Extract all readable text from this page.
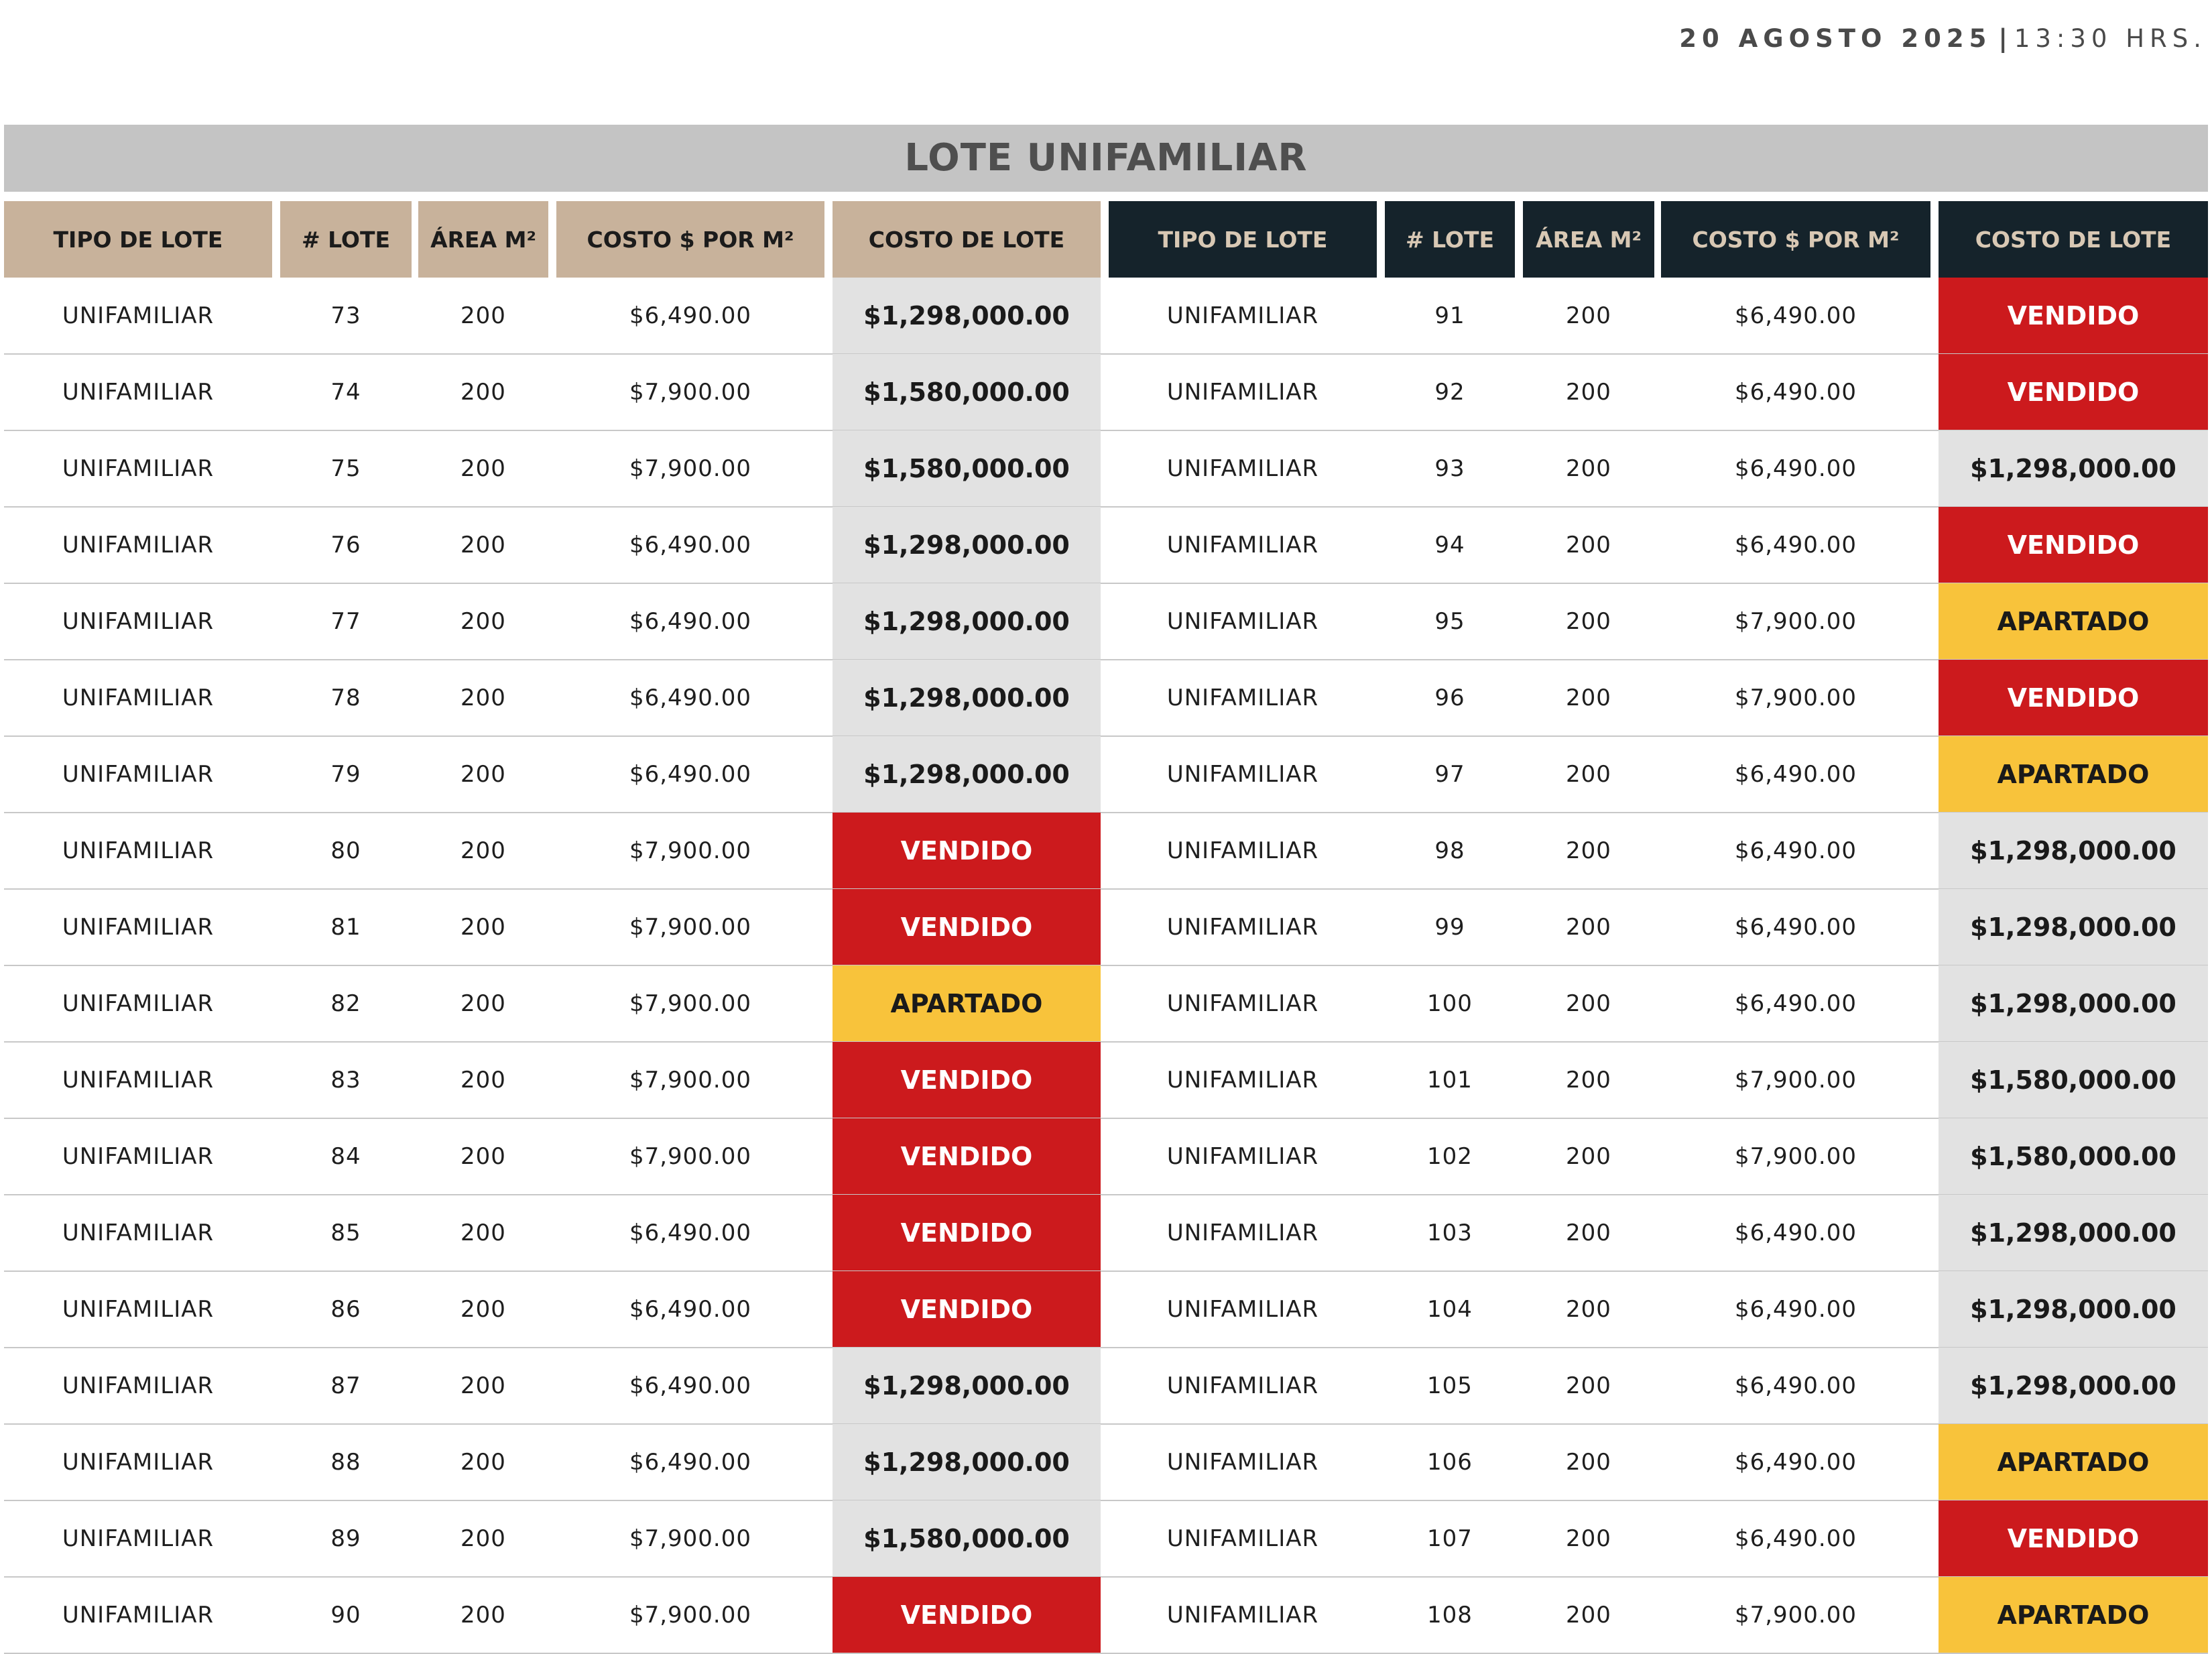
20 AGOSTO 2025 | 13:30 HRS.
LOTE UNIFAMILIAR
TIPO DE LOTE	# LOTE	ÁREA M²	COSTO $ POR M²	COSTO DE LOTE	TIPO DE LOTE	# LOTE	ÁREA M²	COSTO $ POR M²	COSTO DE LOTE
UNIFAMILIAR	73	200	$6,490.00	$1,298,000.00	UNIFAMILIAR	91	200	$6,490.00	VENDIDO
UNIFAMILIAR	74	200	$7,900.00	$1,580,000.00	UNIFAMILIAR	92	200	$6,490.00	VENDIDO
UNIFAMILIAR	75	200	$7,900.00	$1,580,000.00	UNIFAMILIAR	93	200	$6,490.00	$1,298,000.00
UNIFAMILIAR	76	200	$6,490.00	$1,298,000.00	UNIFAMILIAR	94	200	$6,490.00	VENDIDO
UNIFAMILIAR	77	200	$6,490.00	$1,298,000.00	UNIFAMILIAR	95	200	$7,900.00	APARTADO
UNIFAMILIAR	78	200	$6,490.00	$1,298,000.00	UNIFAMILIAR	96	200	$7,900.00	VENDIDO
UNIFAMILIAR	79	200	$6,490.00	$1,298,000.00	UNIFAMILIAR	97	200	$6,490.00	APARTADO
UNIFAMILIAR	80	200	$7,900.00	VENDIDO	UNIFAMILIAR	98	200	$6,490.00	$1,298,000.00
UNIFAMILIAR	81	200	$7,900.00	VENDIDO	UNIFAMILIAR	99	200	$6,490.00	$1,298,000.00
UNIFAMILIAR	82	200	$7,900.00	APARTADO	UNIFAMILIAR	100	200	$6,490.00	$1,298,000.00
UNIFAMILIAR	83	200	$7,900.00	VENDIDO	UNIFAMILIAR	101	200	$7,900.00	$1,580,000.00
UNIFAMILIAR	84	200	$7,900.00	VENDIDO	UNIFAMILIAR	102	200	$7,900.00	$1,580,000.00
UNIFAMILIAR	85	200	$6,490.00	VENDIDO	UNIFAMILIAR	103	200	$6,490.00	$1,298,000.00
UNIFAMILIAR	86	200	$6,490.00	VENDIDO	UNIFAMILIAR	104	200	$6,490.00	$1,298,000.00
UNIFAMILIAR	87	200	$6,490.00	$1,298,000.00	UNIFAMILIAR	105	200	$6,490.00	$1,298,000.00
UNIFAMILIAR	88	200	$6,490.00	$1,298,000.00	UNIFAMILIAR	106	200	$6,490.00	APARTADO
UNIFAMILIAR	89	200	$7,900.00	$1,580,000.00	UNIFAMILIAR	107	200	$6,490.00	VENDIDO
UNIFAMILIAR	90	200	$7,900.00	VENDIDO	UNIFAMILIAR	108	200	$7,900.00	APARTADO
